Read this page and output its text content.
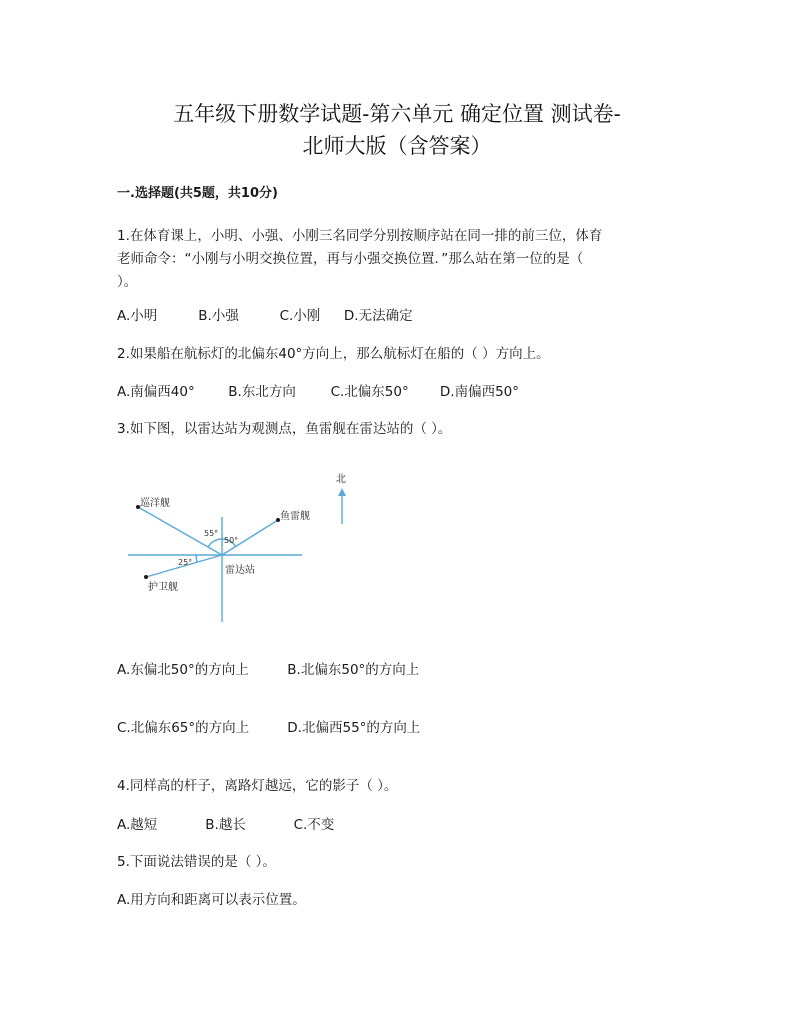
五年级下册数学试题-第六单元 确定位置 测试卷-
北师大版（含答案）
一.选择题(共5题，共10分)
1.在体育课上，小明、小强、小刚三名同学分别按顺序站在同一排的前三位，体育
老师命令：“小刚与小明交换位置，再与小强交换位置．”那么站在第一位的是（
）。
A.小明	B.小强	C.小刚 D.无法确定
2.如果船在航标灯的北偏东40°方向上，那么航标灯在船的（ ）方向上。
A.南偏西40° B.东北方向	C.北偏东50° D.南偏西50°
3.如下图，以雷达站为观测点，鱼雷舰在雷达站的（ ）。
北
巡洋舰
鱼雷舰
雷达站
护卫舰
55°
50°
25°
A.东偏北50°的方向上	B.北偏东50°的方向上
C.北偏东65°的方向上	D.北偏西55°的方向上
4.同样高的杆子，离路灯越远，它的影子（ ）。
A.越短	B.越长	C.不变
5.下面说法错误的是（ ）。
A.用方向和距离可以表示位置。
